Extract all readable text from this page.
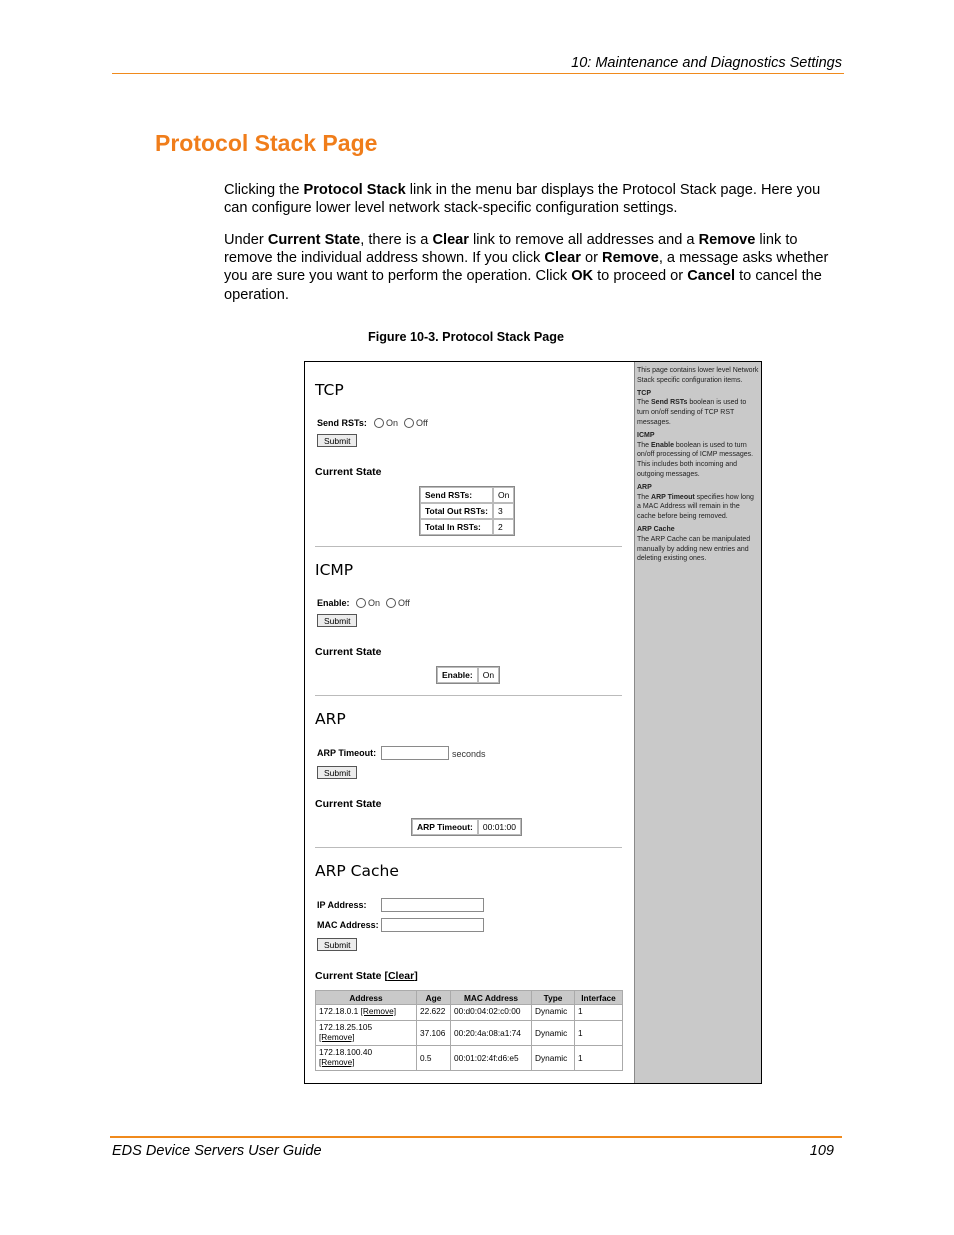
10: Maintenance and Diagnostics Settings
Protocol Stack Page

Clicking the Protocol Stack link in the menu bar displays the Protocol Stack page. Here you can configure lower level network stack-specific configuration settings.

Under Current State, there is a Clear link to remove all addresses and a Remove link to remove the individual address shown. If you click Clear or Remove, a message asks whether you are sure you want to perform the operation. Click OK to proceed or Cancel to cancel the operation.

Figure 10-3. Protocol Stack Page
TCP
Send RSTs: On Off
Submit
Current State
Send RSTs:	On
Total Out RSTs:	3
Total In RSTs:	2
ICMP
Enable: On Off
Submit
Current State
Enable:	On
ARP
ARP Timeout:	seconds
Submit
Current State
ARP Timeout:	00:01:00
ARP Cache
IP Address:
MAC Address:
Submit
Current State [Clear]
Address	Age	MAC Address	Type	Interface
172.18.0.1 [Remove]	22.622	00:d0:04:02:c0:00	Dynamic	1
172.18.25.105
[Remove]	37.106	00:20:4a:08:a1:74	Dynamic	1
172.18.100.40
[Remove]	0.5	00:01:02:4f:d6:e5	Dynamic	1

This page contains lower level Network Stack specific configuration items.

TCP

The Send RSTs boolean is used to turn on/off sending of TCP RST messages.

ICMP

The Enable boolean is used to turn on/off processing of ICMP messages. This includes both incoming and outgoing messages.

ARP

The ARP Timeout specifies how long a MAC Address will remain in the cache before being removed.

ARP Cache

The ARP Cache can be manipulated manually by adding new entries and deleting existing ones.

EDS Device Servers User Guide	109
